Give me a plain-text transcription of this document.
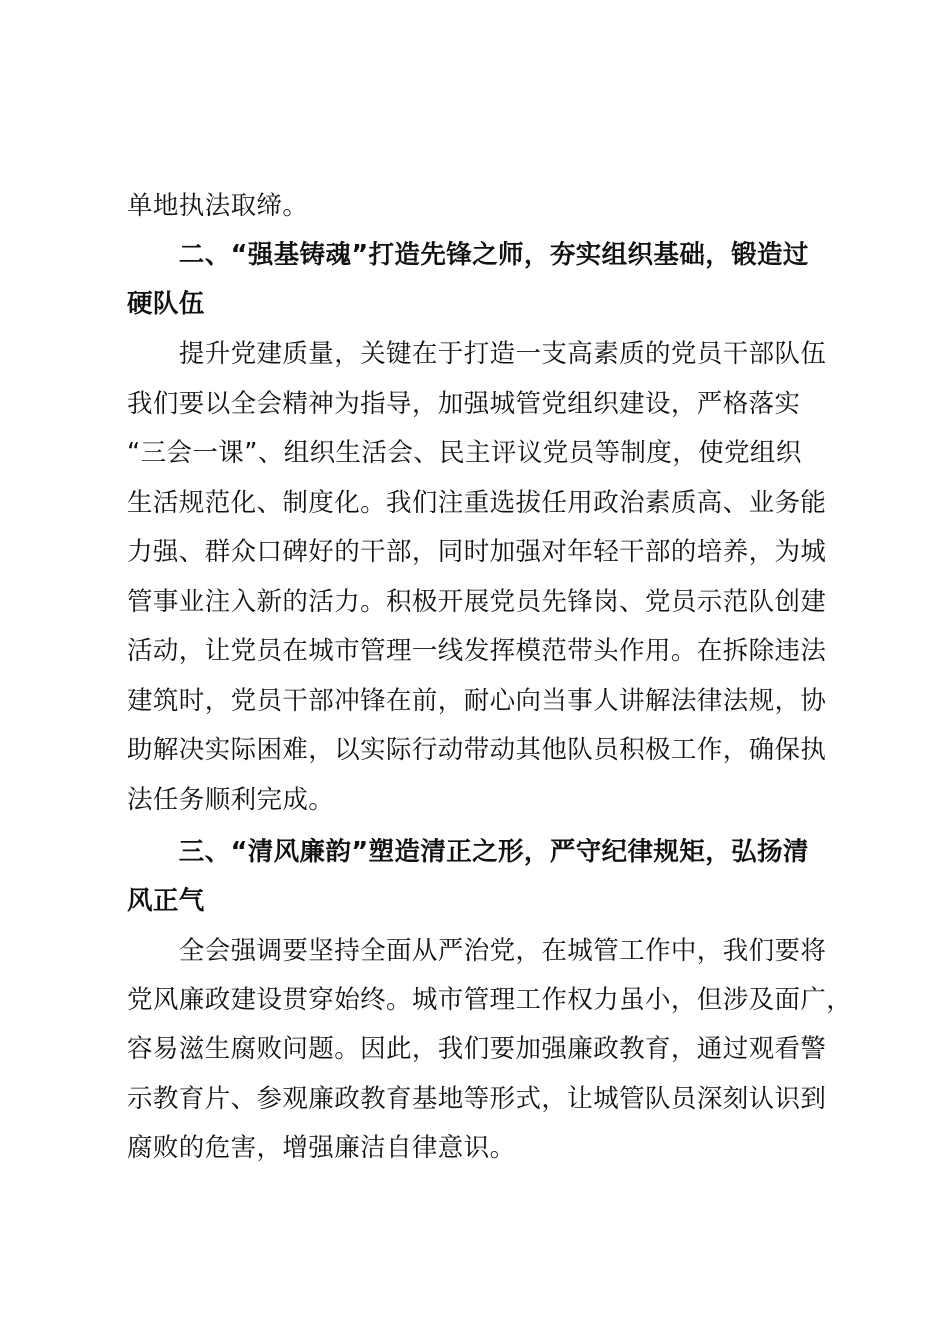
单地执法取缔。
　　二、“强基铸魂”打造先锋之师，夯实组织基础，锻造过
硬队伍
　　提升党建质量，关键在于打造一支高素质的党员干部队伍
我们要以全会精神为指导，加强城管党组织建设，严格落实
“三会一课”、组织生活会、民主评议党员等制度，使党组织
生活规范化、制度化。我们注重选拔任用政治素质高、业务能
力强、群众口碑好的干部，同时加强对年轻干部的培养，为城
管事业注入新的活力。积极开展党员先锋岗、党员示范队创建
活动，让党员在城市管理一线发挥模范带头作用。在拆除违法
建筑时，党员干部冲锋在前，耐心向当事人讲解法律法规，协
助解决实际困难，以实际行动带动其他队员积极工作，确保执
法任务顺利完成。
　　三、“清风廉韵”塑造清正之形，严守纪律规矩，弘扬清
风正气
　　全会强调要坚持全面从严治党，在城管工作中，我们要将
党风廉政建设贯穿始终。城市管理工作权力虽小，但涉及面广，
容易滋生腐败问题。因此，我们要加强廉政教育，通过观看警
示教育片、参观廉政教育基地等形式，让城管队员深刻认识到
腐败的危害，增强廉洁自律意识。
